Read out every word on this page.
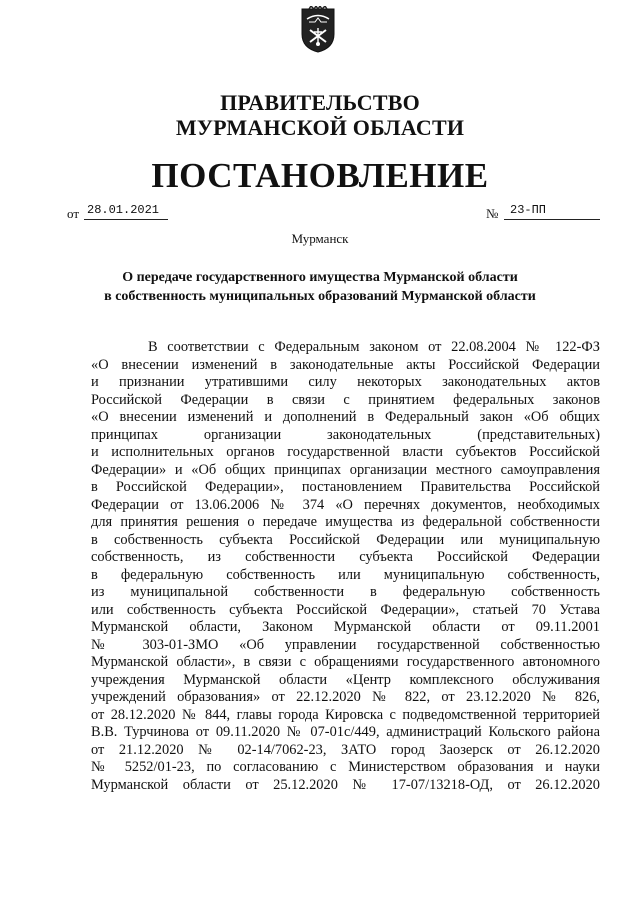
ПРАВИТЕЛЬСТВО
МУРМАНСКОЙ ОБЛАСТИ
ПОСТАНОВЛЕНИЕ
от 28.01.2021	№ 23-ПП
Мурманск
О передаче государственного имущества Мурманской области
в собственность муниципальных образований Мурманской области
В соответствии с Федеральным законом от 22.08.2004 № 122-ФЗ
«О внесении изменений в законодательные акты Российской Федерации
и признании утратившими силу некоторых законодательных актов
Российской Федерации в связи с принятием федеральных законов
«О внесении изменений и дополнений в Федеральный закон «Об общих
принципах организации законодательных (представительных)
и исполнительных органов государственной власти субъектов Российской
Федерации» и «Об общих принципах организации местного самоуправления
в Российской Федерации», постановлением Правительства Российской
Федерации от 13.06.2006 № 374 «О перечнях документов, необходимых
для принятия решения о передаче имущества из федеральной собственности
в собственность субъекта Российской Федерации или муниципальную
собственность, из собственности субъекта Российской Федерации
в федеральную собственность или муниципальную собственность,
из муниципальной собственности в федеральную собственность
или собственность субъекта Российской Федерации», статьей 70 Устава
Мурманской области, Законом Мурманской области от 09.11.2001
№ 303-01-ЗМО «Об управлении государственной собственностью
Мурманской области», в связи с обращениями государственного автономного
учреждения Мурманской области «Центр комплексного обслуживания
учреждений образования» от 22.12.2020 № 822, от 23.12.2020 № 826,
от 28.12.2020 № 844, главы города Кировска с подведомственной территорией
В.В. Турчинова от 09.11.2020 № 07-01с/449, администраций Кольского района
от 21.12.2020 № 02-14/7062-23, ЗАТО город Заозерск от 26.12.2020
№ 5252/01-23, по согласованию с Министерством образования и науки
Мурманской области от 25.12.2020 № 17-07/13218-ОД, от 26.12.2020
